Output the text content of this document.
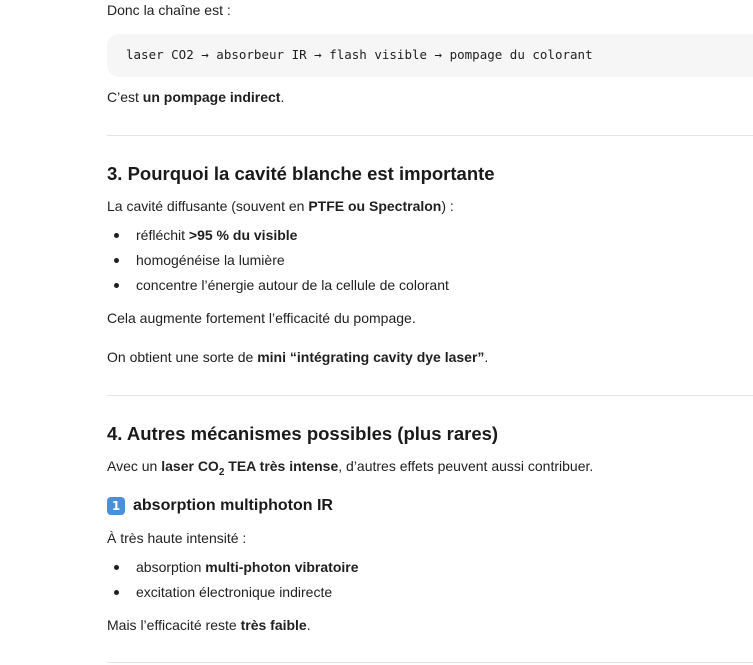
Donc la chaîne est :

laser CO2 → absorbeur IR → flash visible → pompage du colorant

C’est un pompage indirect.

3. Pourquoi la cavité blanche est importante

La cavité diffusante (souvent en PTFE ou Spectralon) :

réfléchit >95 % du visible
homogénéise la lumière
concentre l’énergie autour de la cellule de colorant

Cela augmente fortement l’efficacité du pompage.

On obtient une sorte de mini “intégrating cavity dye laser”.

4. Autres mécanismes possibles (plus rares)

Avec un laser $CO_2$ TEA très intense, d’autres effets peuvent aussi contribuer.

1 absorption multiphoton IR

À très haute intensité :

absorption multi-photon vibratoire
excitation électronique indirecte

Mais l’efficacité reste très faible.
